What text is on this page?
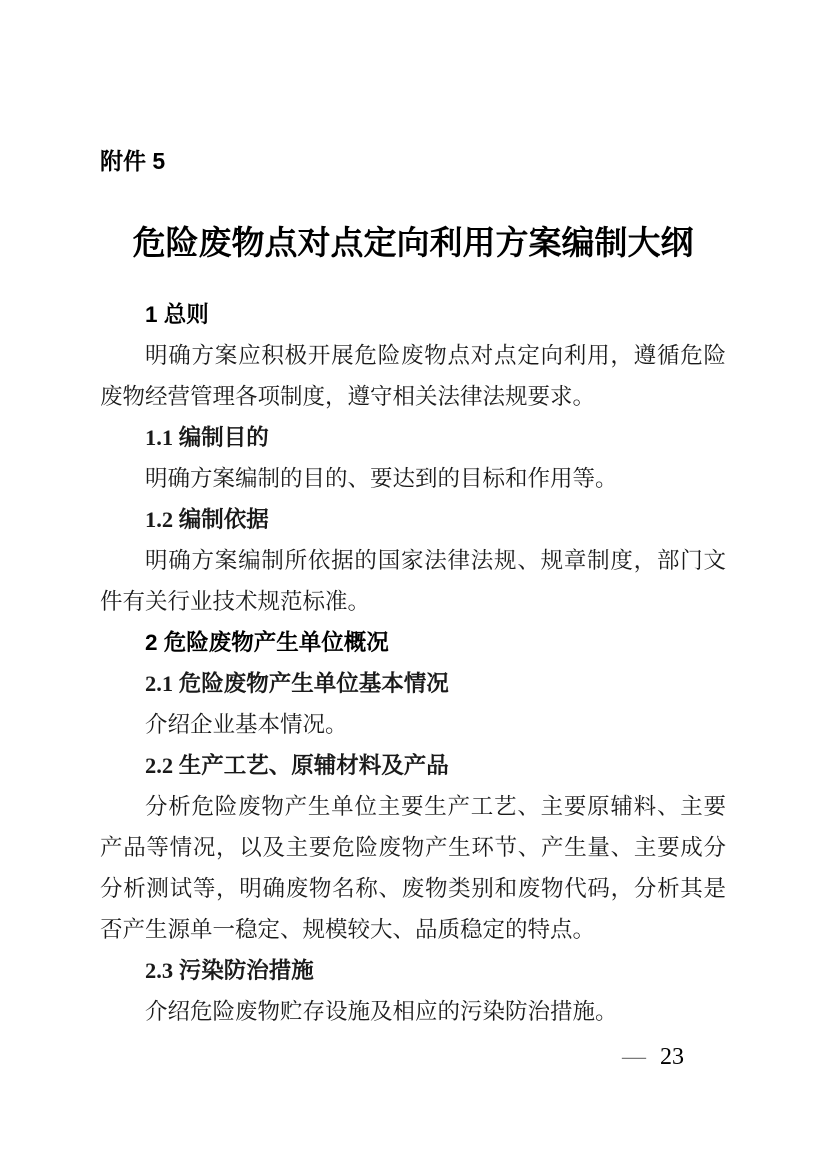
附件 5
危险废物点对点定向利用方案编制大纲
1 总则

明确方案应积极开展危险废物点对点定向利用，遵循危险废物经营管理各项制度，遵守相关法律法规要求。

1.1 编制目的

明确方案编制的目的、要达到的目标和作用等。

1.2 编制依据

明确方案编制所依据的国家法律法规、规章制度，部门文件有关行业技术规范标准。

2 危险废物产生单位概况
2.1 危险废物产生单位基本情况

介绍企业基本情况。

2.2 生产工艺、原辅材料及产品

分析危险废物产生单位主要生产工艺、主要原辅料、主要产品等情况，以及主要危险废物产生环节、产生量、主要成分分析测试等，明确废物名称、废物类别和废物代码，分析其是否产生源单一稳定、规模较大、品质稳定的特点。

2.3 污染防治措施

介绍危险废物贮存设施及相应的污染防治措施。

— 23
